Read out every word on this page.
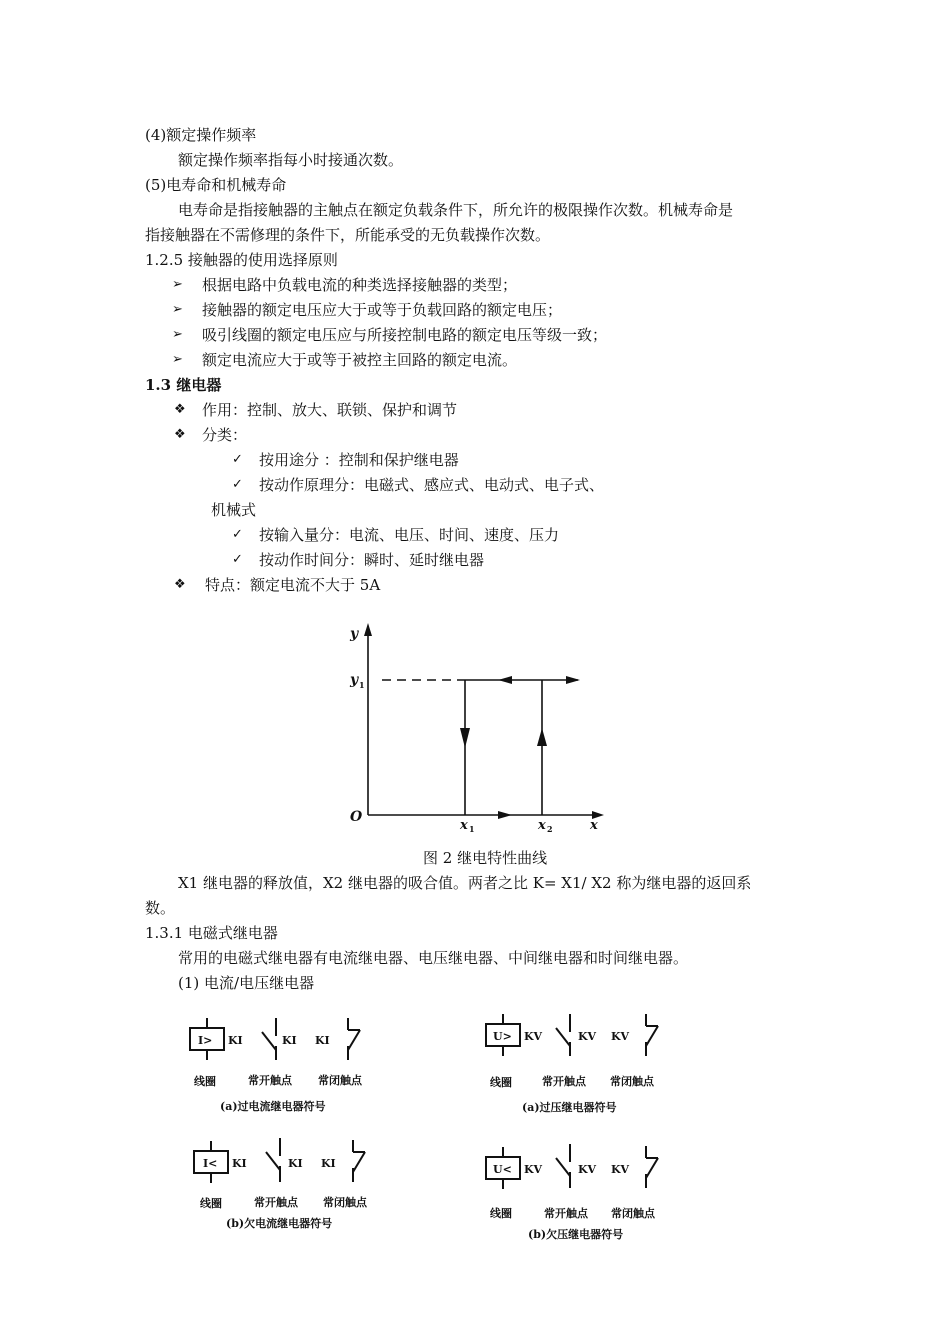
(4)额定操作频率
额定操作频率指每小时接通次数。
(5)电寿命和机械寿命
电寿命是指接触器的主触点在额定负载条件下，所允许的极限操作次数。机械寿命是
指接触器在不需修理的条件下，所能承受的无负载操作次数。
1.2.5 接触器的使用选择原则
➢ 根据电路中负载电流的种类选择接触器的类型；
➢ 接触器的额定电压应大于或等于负载回路的额定电压；
➢ 吸引线圈的额定电压应与所接控制电路的额定电压等级一致；
➢ 额定电流应大于或等于被控主回路的额定电流。
1.3 继电器
❖ 作用：控制、放大、联锁、保护和调节
❖ 分类：
✓ 按用途分 ：控制和保护继电器
✓ 按动作原理分：电磁式、感应式、电动式、电子式、
机械式
✓ 按输入量分：电流、电压、时间、速度、压力
✓ 按动作时间分：瞬时、延时继电器
❖ 特点：额定电流不大于 5A
y
y 1
O
x 1	x 2	x
图 2 继电特性曲线
X1 继电器的释放值，X2 继电器的吸合值。两者之比 K= X1/ X2 称为继电器的返回系
数。
1.3.1 电磁式继电器
常用的电磁式继电器有电流继电器、电压继电器、中间继电器和时间继电器。
(1) 电流/电压继电器
I> KI	KI KI
线圈	常开触点 常闭触点
(a)过电流继电器符号
U> KV	KV KV
线圈	常开触点 常闭触点
(a)过压继电器符号
I< KI	KI KI
线圈	常开触点 常闭触点
(b)欠电流继电器符号
U< KV	KV KV
线圈	常开触点 常闭触点
(b)欠压继电器符号
